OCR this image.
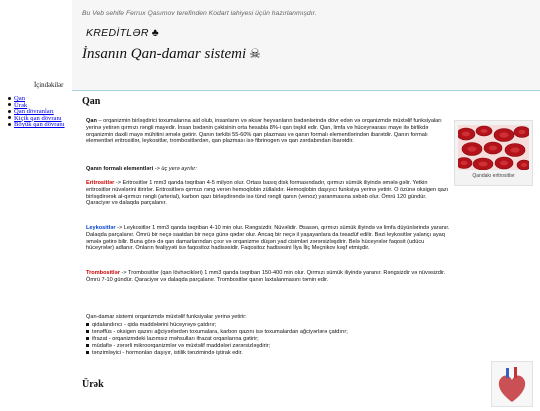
Bu Veb sehife Ferrux Qasımov terefinden Kodart lahiyesi üçün hazırlanmışdır.
KREDİTLƏR ♣
İnsanın Qan-damar sistemi ☠
İçindəkilər
Qan
Ürək
Qan dövranları
Kiçik qan dövranı
Böyük qan dövranı
Qan

Qan – orqanizmin birləşdirici toxumalarına aid olub, insanların və əksər heyvanların bədənlərində dövr edən və orqanizmdə müxtəlif funksiyaları yerinə yetirən qırmızı rəngli mayedir. İnsan bədənin çəkisinin orta hesabla 8%-i qan təşkil edir. Qan, limfa və hüceyrəarası maye ilə birlikdə orqanizmin daxili mayə mühitini əmələ gətirir. Qanın tərkibi 55-60% qan plazması və qanın formalı elementlərindən ibarətdir. Qanın formalı elementləri eritrositlər, leykositlər, trombositlərdən, qan plazması isə fibrinogen və qan zərdabından ibarətdir.

Qanın formalı elementləri -> üç yerə ayrılır:

Eritrositlər -> Eritrositlər 1 mm3 qanda təqriban 4-5 milyon olur. Ortası basıq disk formasındadır, qırmızı sümük iliyində əmələ gəlir. Yetkin eritrositlər nüvələrini itirirlər. Eritrositlərə qırmızı rəng verən hemoqlobin züllalıdır. Hemoqlobin daşıyıcı funksiya yerinə yetirir. O özünə oksigen qazı birləşdirərək al-qırmızı rəngli (arterial), karbon qazı birləşdirəndə isə tünd rəngli qanın (venoz) yaranmasına səbəb olur. Ömrü 120 gündür. Qaraciyər və dalaqda parçalanır.

Leykositlər -> Leykositlər 1 mm3 qanda təqriban 4-10 min olur. Rəngsizdir. Nüvəlidir. Əsasən, qırmızı sümük iliyində və limfa düyünlərində yaranır. Dalaqda parçalanır. Ömrü bir neçə saatdan bir neçə günə qədər olur. Ancaq bir neçə il yaşayanlara da təsadüf edilir. Bəzi leykositlər yalançı ayaq əmələ gətirə bilir. Buna görə də qan damarlarından çıxır və orqanizme düşən yad cisimləri zərərsizləşdirir. Belə hüceyrələr faqosit (udücu hüceyrələr) adlanır. Onların fealiyyəti isə faqositoz hadisəsidir. Faqositoz hadisəsini İlya İliç Meçnikov kəşf etmişdir.

Trombositlər -> Trombositlər (qan lövhəcikləri) 1 mm3 qanda təqriban 150-400 min olur. Qırmızı sümük iliyində yaranır. Rəngsizdir və nüvəsizdir. Ömrü 7-10 gündür. Qaraciyər və dalaqda parçalanır. Trombositlər qanın laxtalanmasını təmin edir.

Qan-damar sistemi orqanizmdə müxtəlif funksiyalar yerinə yetirir:

Ürək
qidalandırıcı - qida maddələrini hüceyrəyə çatdırır;
tənəffüs - oksigen qazını ağciyərlərdən toxumalara, karbon qazını isə toxumalardan ağciyərlərə çatdırır;
ifrazat - orqanizmdeki lazımsız məhsulları ifrazat orqanlarına gətirir;
müdafiə - zərərli mikroorqanizmlər və müxtəlif maddələri zərərsizləşdirir;
tənzimləyici - hormonları daşıyır, istilik tənzimində iştirak edir.
Qandakı eritrositlər
